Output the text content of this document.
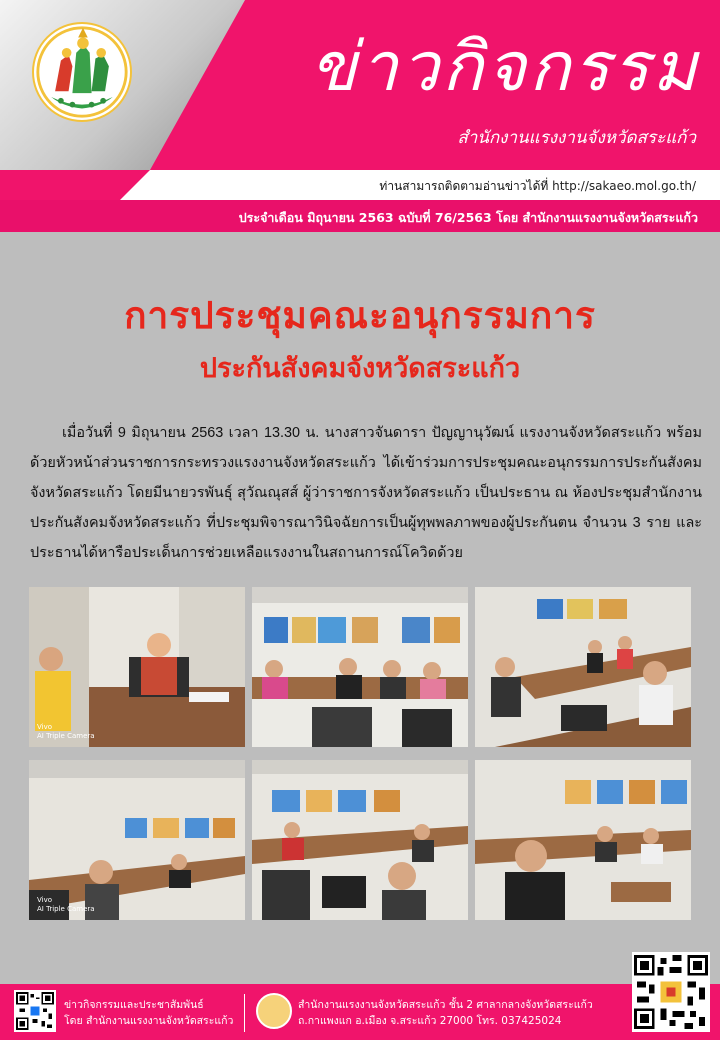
ข่าวกิจกรรม
สำนักงานแรงงานจังหวัดสระแก้ว
ท่านสามารถติดตามอ่านข่าวได้ที่ http://sakaeo.mol.go.th/
ประจำเดือน มิถุนายน 2563 ฉบับที่ 76/2563 โดย สำนักงานแรงงานจังหวัดสระแก้ว
การประชุมคณะอนุกรรมการ
ประกันสังคมจังหวัดสระแก้ว

เมื่อวันที่ 9 มิถุนายน 2563 เวลา 13.30 น. นางสาวจันดารา ปัญญานุวัฒน์ แรงงานจังหวัดสระแก้ว พร้อมด้วยหัวหน้าส่วนราชการกระทรวงแรงงานจังหวัดสระแก้ว ได้เข้าร่วมการประชุมคณะอนุกรรมการประกันสังคมจังหวัดสระแก้ว โดยมีนายวรพันธุ์ สุวัณณุสส์ ผู้ว่าราชการจังหวัดสระแก้ว เป็นประธาน ณ ห้องประชุมสำนักงานประกันสังคมจังหวัดสระแก้ว ที่ประชุมพิจารณาวินิจฉัยการเป็นผู้ทุพพลภาพของผู้ประกันตน จำนวน 3 ราย และประธานได้หารือประเด็นการช่วยเหลือแรงงานในสถานการณ์โควิดด้วย

Vivo
AI Triple Camera
Vivo
AI Triple Camera
ข่าวกิจกรรมและประชาสัมพันธ์
โดย สำนักงานแรงงานจังหวัดสระแก้ว
สำนักงานแรงงานจังหวัดสระแก้ว ชั้น 2 ศาลากลางจังหวัดสระแก้ว
ถ.กาแพงแก อ.เมือง จ.สระแก้ว 27000 โทร. 037425024
